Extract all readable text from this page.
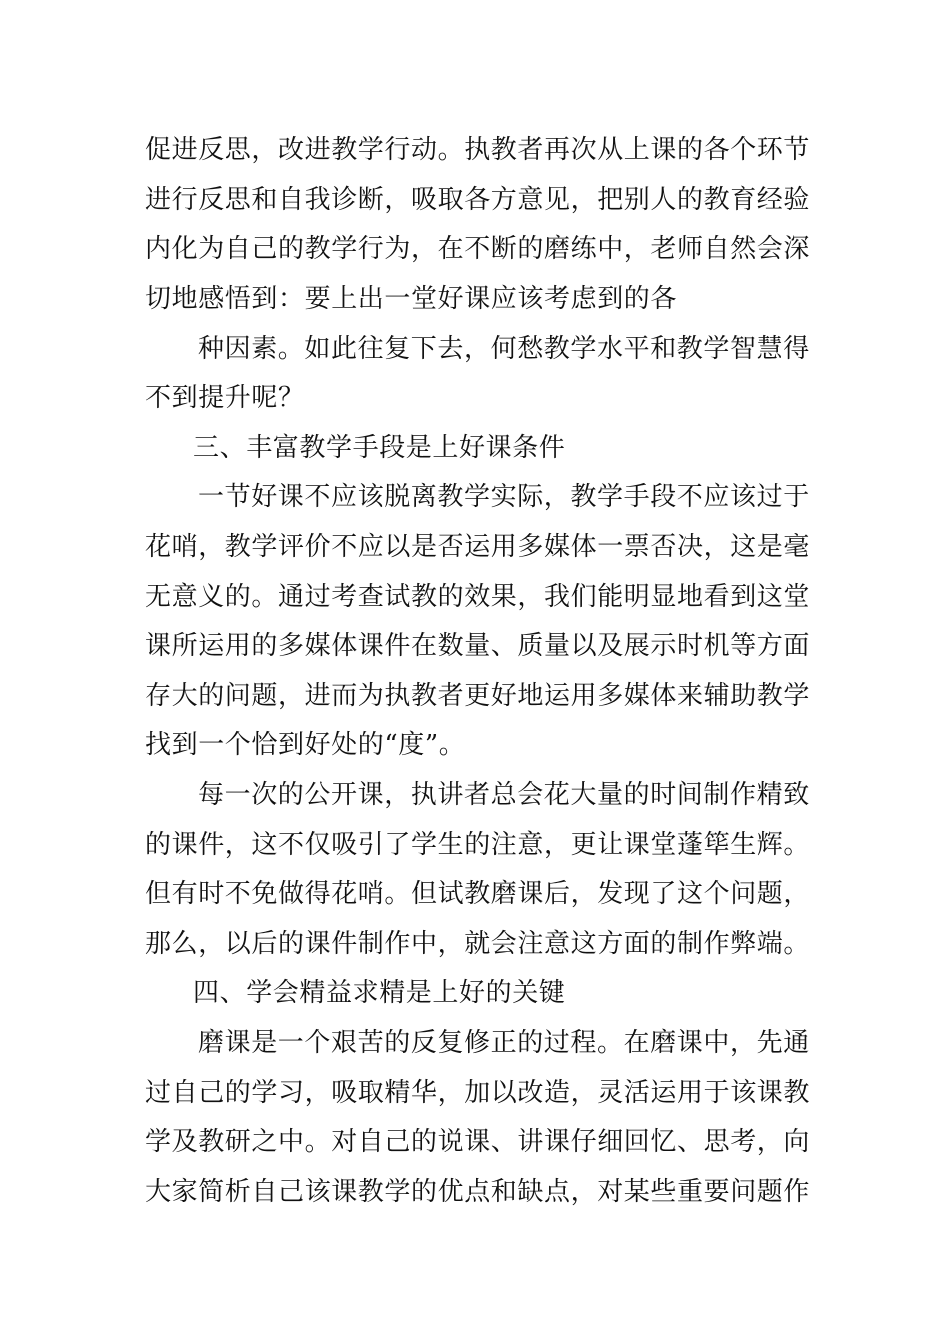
促进反思，改进教学行动。执教者再次从上课的各个环节
进行反思和自我诊断，吸取各方意见，把别人的教育经验
内化为自己的教学行为，在不断的磨练中，老师自然会深
切地感悟到：要上出一堂好课应该考虑到的各
种因素。如此往复下去，何愁教学水平和教学智慧得
不到提升呢？
三、丰富教学手段是上好课条件
一节好课不应该脱离教学实际，教学手段不应该过于
花哨，教学评价不应以是否运用多媒体一票否决，这是毫
无意义的。通过考查试教的效果，我们能明显地看到这堂
课所运用的多媒体课件在数量、质量以及展示时机等方面
存大的问题，进而为执教者更好地运用多媒体来辅助教学
找到一个恰到好处的“度”。
每一次的公开课，执讲者总会花大量的时间制作精致
的课件，这不仅吸引了学生的注意，更让课堂蓬筚生辉。
但有时不免做得花哨。但试教磨课后，发现了这个问题，
那么，以后的课件制作中，就会注意这方面的制作弊端。
四、学会精益求精是上好的关键
磨课是一个艰苦的反复修正的过程。在磨课中，先通
过自己的学习，吸取精华，加以改造，灵活运用于该课教
学及教研之中。对自己的说课、讲课仔细回忆、思考，向
大家简析自己该课教学的优点和缺点，对某些重要问题作
